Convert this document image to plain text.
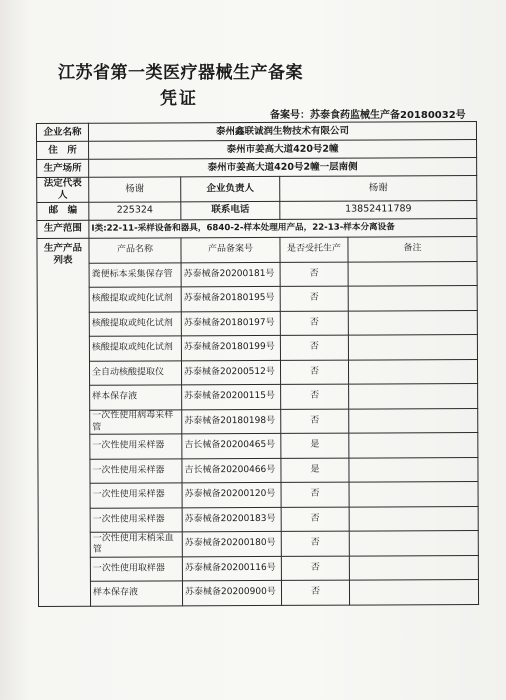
江苏省第一类医疗器械生产备案
凭证
备案号：苏泰食药监械生产备20180032号
企业名称	泰州鑫联诚润生物技术有限公司			
住　所	泰州市姜高大道420号2幢			
生产场所	泰州市姜高大道420号2幢一层南侧			
法定代表人	杨谢	企业负责人	杨谢	
邮　编	225324	联系电话	13852411789	
生产范围	Ⅰ类:22-11-采样设备和器具，6840-2-样本处理用产品，22-13-样本分离设备			
生产产品列表	产品名称	产品备案号	是否受托生产	备注
	粪便标本采集保存管	苏泰械备20200181号	否	
	核酸提取或纯化试剂	苏泰械备20180195号	否	
	核酸提取或纯化试剂	苏泰械备20180197号	否	
	核酸提取或纯化试剂	苏泰械备20180199号	否	
	全自动核酸提取仪	苏泰械备20200512号	否	
	样本保存液	苏泰械备20200115号	否	
	一次性使用病毒采样管	苏泰械备20180198号	否	
	一次性使用采样器	吉长械备20200465号	是	
	一次性使用采样器	吉长械备20200466号	是	
	一次性使用采样器	苏泰械备20200120号	否	
	一次性使用采样器	苏泰械备20200183号	否	
	一次性使用末梢采血管	苏泰械备20200180号	否	
	一次性使用取样器	苏泰械备20200116号	否	
	样本保存液	苏泰械备20200900号	否	
